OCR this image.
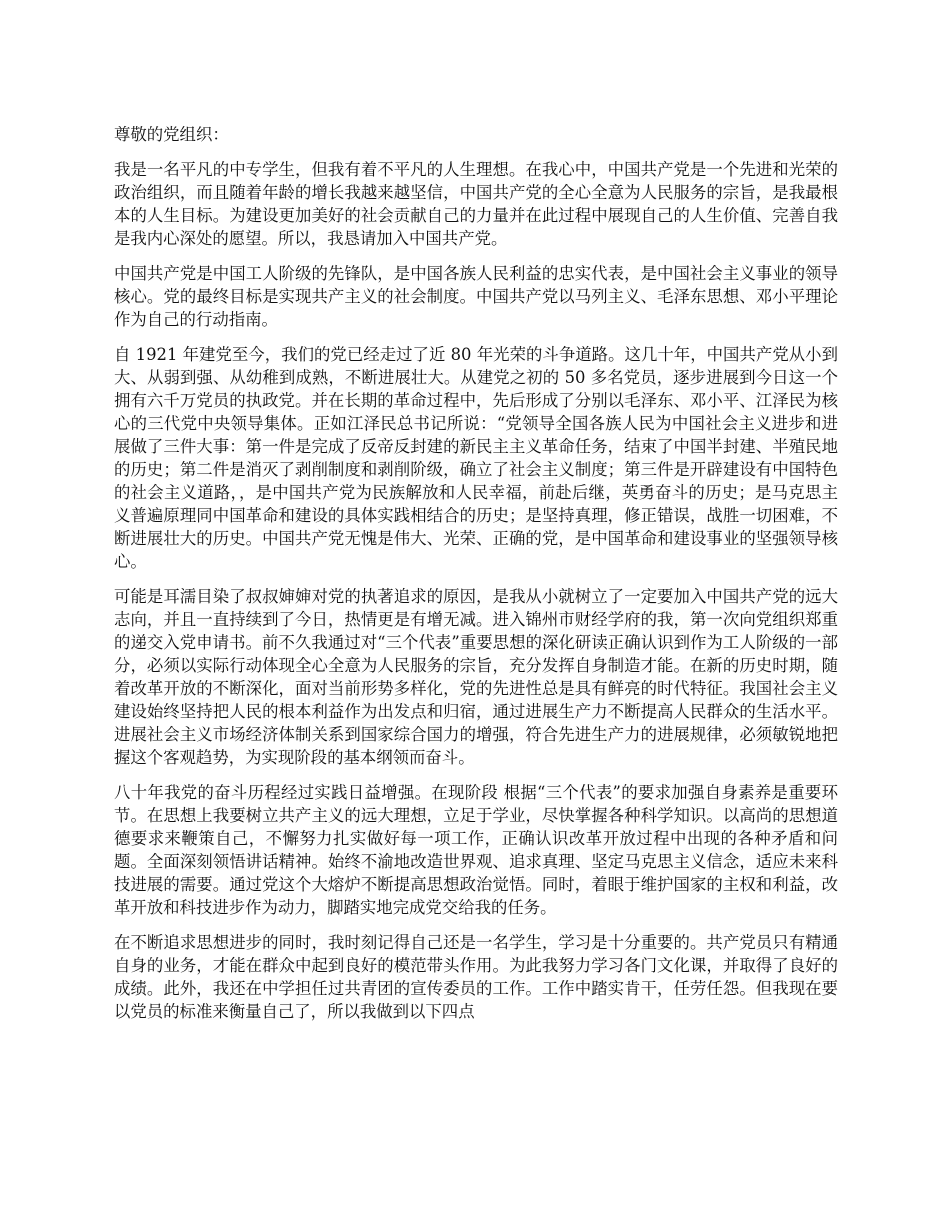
尊敬的党组织：

我是一名平凡的中专学生，但我有着不平凡的人生理想。在我心中，中国共产党是一个先进和光荣的政治组织，而且随着年龄的增长我越来越坚信，中国共产党的全心全意为人民服务的宗旨，是我最根本的人生目标。为建设更加美好的社会贡献自己的力量并在此过程中展现自己的人生价值、完善自我是我内心深处的愿望。所以，我恳请加入中国共产党。

中国共产党是中国工人阶级的先锋队，是中国各族人民利益的忠实代表，是中国社会主义事业的领导核心。党的最终目标是实现共产主义的社会制度。中国共产党以马列主义、毛泽东思想、邓小平理论作为自己的行动指南。

自 1921 年建党至今，我们的党已经走过了近 80 年光荣的斗争道路。这几十年，中国共产党从小到大、从弱到强、从幼稚到成熟，不断进展壮大。从建党之初的 50 多名党员，逐步进展到今日这一个拥有六千万党员的执政党。并在长期的革命过程中，先后形成了分别以毛泽东、邓小平、江泽民为核心的三代党中央领导集体。正如江泽民总书记所说：“党领导全国各族人民为中国社会主义进步和进展做了三件大事：第一件是完成了反帝反封建的新民主主义革命任务，结束了中国半封建、半殖民地的历史；第二件是消灭了剥削制度和剥削阶级，确立了社会主义制度；第三件是开辟建设有中国特色的社会主义道路，，是中国共产党为民族解放和人民幸福，前赴后继，英勇奋斗的历史；是马克思主义普遍原理同中国革命和建设的具体实践相结合的历史；是坚持真理，修正错误，战胜一切困难，不断进展壮大的历史。中国共产党无愧是伟大、光荣、正确的党，是中国革命和建设事业的坚强领导核心。

可能是耳濡目染了叔叔婶婶对党的执著追求的原因，是我从小就树立了一定要加入中国共产党的远大志向，并且一直持续到了今日，热情更是有增无减。进入锦州市财经学府的我，第一次向党组织郑重的递交入党申请书。前不久我通过对“三个代表”重要思想的深化研读正确认识到作为工人阶级的一部分，必须以实际行动体现全心全意为人民服务的宗旨，充分发挥自身制造才能。在新的历史时期，随着改革开放的不断深化，面对当前形势多样化，党的先进性总是具有鲜亮的时代特征。我国社会主义建设始终坚持把人民的根本利益作为出发点和归宿，通过进展生产力不断提高人民群众的生活水平。进展社会主义市场经济体制关系到国家综合国力的增强，符合先进生产力的进展规律，必须敏锐地把握这个客观趋势，为实现阶段的基本纲领而奋斗。

八十年我党的奋斗历程经过实践日益增强。在现阶段 根据“三个代表”的要求加强自身素养是重要环节。在思想上我要树立共产主义的远大理想，立足于学业，尽快掌握各种科学知识。以高尚的思想道德要求来鞭策自己，不懈努力扎实做好每一项工作，正确认识改革开放过程中出现的各种矛盾和问题。全面深刻领悟讲话精神。始终不渝地改造世界观、追求真理、坚定马克思主义信念，适应未来科技进展的需要。通过党这个大熔炉不断提高思想政治觉悟。同时，着眼于维护国家的主权和利益，改革开放和科技进步作为动力，脚踏实地完成党交给我的任务。

在不断追求思想进步的同时，我时刻记得自己还是一名学生，学习是十分重要的。共产党员只有精通自身的业务，才能在群众中起到良好的模范带头作用。为此我努力学习各门文化课，并取得了良好的成绩。此外，我还在中学担任过共青团的宣传委员的工作。工作中踏实肯干，任劳任怨。但我现在要以党员的标准来衡量自己了，所以我做到以下四点
